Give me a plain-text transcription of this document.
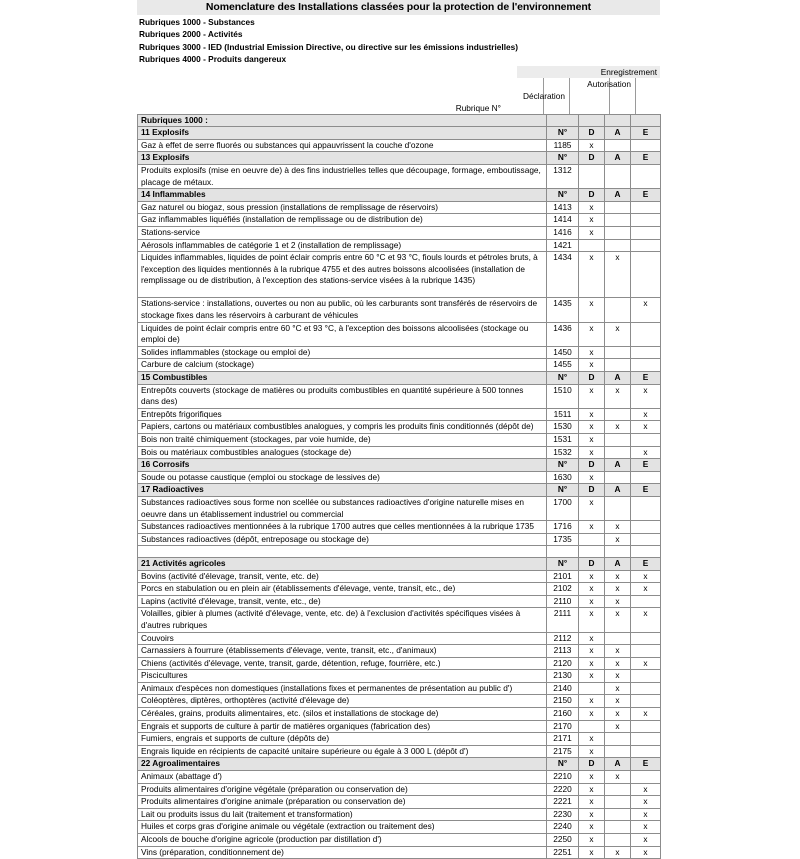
Nomenclature des Installations classées pour la protection de l'environnement
Rubriques 1000 - Substances
Rubriques 2000 - Activités
Rubriques 3000 - IED (Industrial Emission Directive, ou directive sur les émissions industrielles)
Rubriques 4000 - Produits dangereux
Enregistrement
Autorisation
Déclaration
Rubrique N°
Rubriques 1000 :				
11 Explosifs	N°	D	A	E
Gaz à effet de serre fluorés ou substances qui appauvrissent la couche d'ozone	1185	x		
13 Explosifs	N°	D	A	E
Produits explosifs (mise en oeuvre de) à des fins industrielles telles que découpage, formage, emboutissage, placage de métaux.	1312			
14 Inflammables	N°	D	A	E
Gaz naturel ou biogaz, sous pression (installations de remplissage de réservoirs)	1413	x		
Gaz inflammables liquéfiés (installation de remplissage ou de distribution de)	1414	x		
Stations-service	1416	x		
Aérosols inflammables de catégorie 1 et 2 (installation de remplissage)	1421			
Liquides inflammables, liquides de point éclair compris entre 60 °C et 93 °C, fiouls lourds et pétroles bruts, à l'exception des liquides mentionnés à la rubrique 4755 et des autres boissons alcoolisées (installation de remplissage ou de distribution, à l'exception des stations-service visées à la rubrique 1435)	1434	x	x	
Stations-service : installations, ouvertes ou non au public, où les carburants sont transférés de réservoirs de stockage fixes dans les réservoirs à carburant de véhicules	1435	x		x
Liquides de point éclair compris entre 60 °C et 93 °C, à l'exception des boissons alcoolisées (stockage ou emploi de)	1436	x	x	
Solides inflammables (stockage ou emploi de)	1450	x		
Carbure de calcium (stockage)	1455	x		
15 Combustibles	N°	D	A	E
Entrepôts couverts (stockage de matières ou produits combustibles en quantité supérieure à 500 tonnes dans des)	1510	x	x	x
Entrepôts frigorifiques	1511	x		x
Papiers, cartons ou matériaux combustibles analogues, y compris les produits finis conditionnés (dépôt de)	1530	x	x	x
Bois non traité chimiquement (stockages, par voie humide, de)	1531	x		
Bois ou matériaux combustibles analogues (stockage de)	1532	x		x
16 Corrosifs	N°	D	A	E
Soude ou potasse caustique (emploi ou stockage de lessives de)	1630	x		
17 Radioactives	N°	D	A	E
Substances radioactives sous forme non scellée ou substances radioactives d'origine naturelle mises en oeuvre dans un établissement industriel ou commercial	1700	x		
Substances radioactives mentionnées à la rubrique 1700 autres que celles mentionnées à la rubrique 1735	1716	x	x	
Substances radioactives (dépôt, entreposage ou stockage de)	1735		x	

21 Activités agricoles	N°	D	A	E
Bovins (activité d'élevage, transit, vente, etc. de)	2101	x	x	x
Porcs en stabulation ou en plein air (établissements d'élevage, vente, transit, etc., de)	2102	x	x	x
Lapins (activité d'élevage, transit, vente, etc., de)	2110	x	x	
Volailles, gibier à plumes (activité d'élevage, vente, etc. de) à l'exclusion d'activités spécifiques visées à d'autres rubriques	2111	x	x	x
Couvoirs	2112	x		
Carnassiers à fourrure (établissements d'élevage, vente, transit, etc., d'animaux)	2113	x	x	
Chiens (activités d'élevage, vente, transit, garde, détention, refuge, fourrière, etc.)	2120	x	x	x
Piscicultures	2130	x	x	
Animaux d'espèces non domestiques (installations fixes et permanentes de présentation au public d')	2140		x	
Coléoptères, diptères, orthoptères (activité d'élevage de)	2150	x	x	
Céréales, grains, produits alimentaires, etc. (silos et installations de stockage de)	2160	x	x	x
Engrais et supports de culture à partir de matières organiques (fabrication des)	2170		x	
Fumiers, engrais et supports de culture (dépôts de)	2171	x		
Engrais liquide en récipients de capacité unitaire supérieure ou égale à 3 000 L (dépôt d')	2175	x		
22 Agroalimentaires	N°	D	A	E
Animaux (abattage d')	2210	x	x	
Produits alimentaires d'origine végétale (préparation ou conservation de)	2220	x		x
Produits alimentaires d'origine animale (préparation ou conservation de)	2221	x		x
Lait ou produits issus du lait (traitement et transformation)	2230	x		x
Huiles et corps gras d'origine animale ou végétale (extraction ou traitement des)	2240	x		x
Alcools de bouche d'origine agricole (production par distillation d')	2250	x		x
Vins (préparation, conditionnement de)	2251	x	x	x
